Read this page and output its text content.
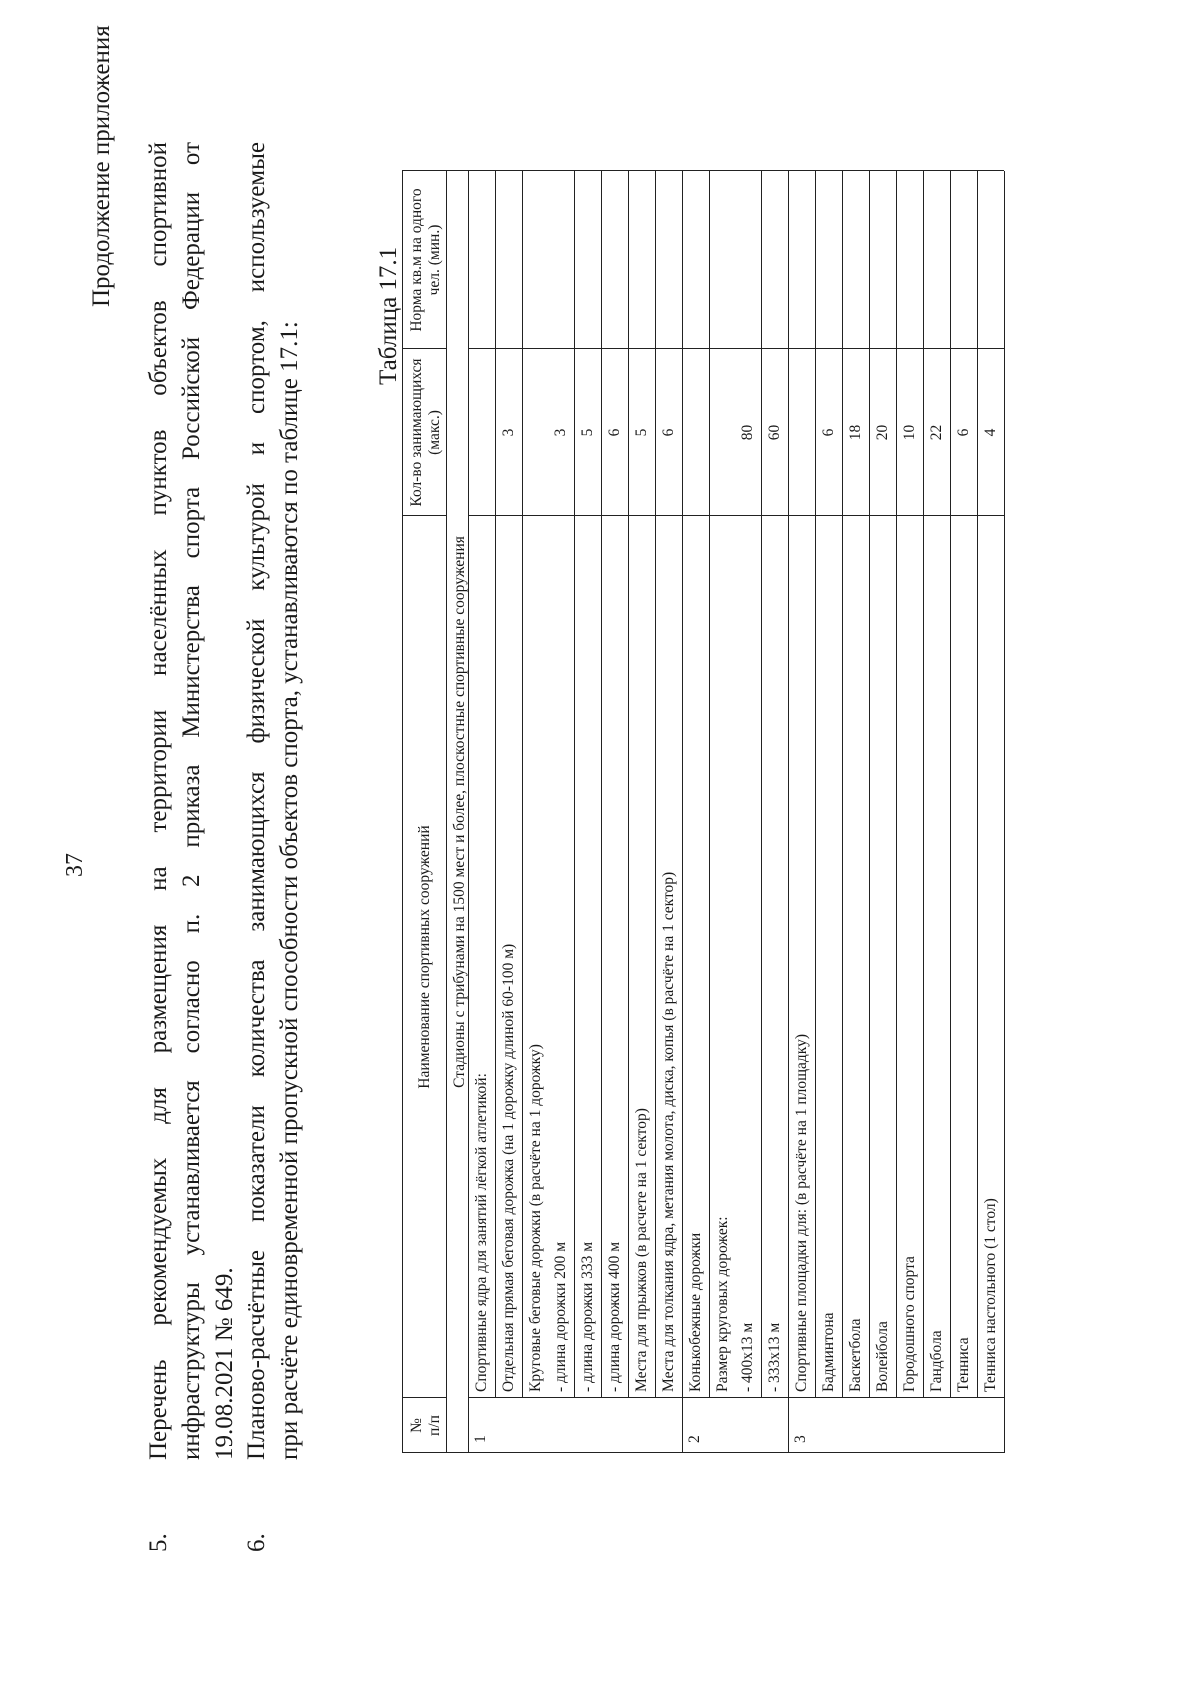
37
Продолжение приложения
5.
Перечень рекомендуемых для размещения на территории населённых пунктов объектов спортивной инфраструктуры устанавливается согласно п. 2 приказа Министерства спорта Российской Федерации от 19.08.2021 № 649.
6.
Планово-расчётные показатели количества занимающихся физической культурой и спортом, используемые при расчёте единовременной пропускной способности объектов спорта, устанавливаются по таблице 17.1:
Таблица 17.1
№ п/п
Наименование спортивных сооружений
Кол-во занимающихся (макс.)
Норма кв.м на одного чел. (мин.)
Стадионы с трибунами на 1500 мест и более, плоскостные спортивные сооружения
1
Спортивные ядра для занятий лёгкой атлетикой: Отдельная прямая беговая дорожка (на 1 дорожку длиной 60-100 м)
3
Круговые беговые дорожки (в расчёте на 1 дорожку) - длина дорожки 200 м
3
- длина дорожки 333 м
5
- длина дорожки 400 м
6
Места для прыжков (в расчете на 1 сектор)
5
Места для толкания ядра, метания молота, диска, копья (в расчёте на 1 сектор)
6
2
Конькобежные дорожки Размер круговых дорожек: - 400х13 м
80
- 333х13 м
60
3
Спортивные площадки для: (в расчёте на 1 площадку) Бадминтона
6
Баскетбола
18
Волейбола
20
Городошного спорта
10
Гандбола
22
Тенниса
6
Тенниса настольного (1 стол)
4
